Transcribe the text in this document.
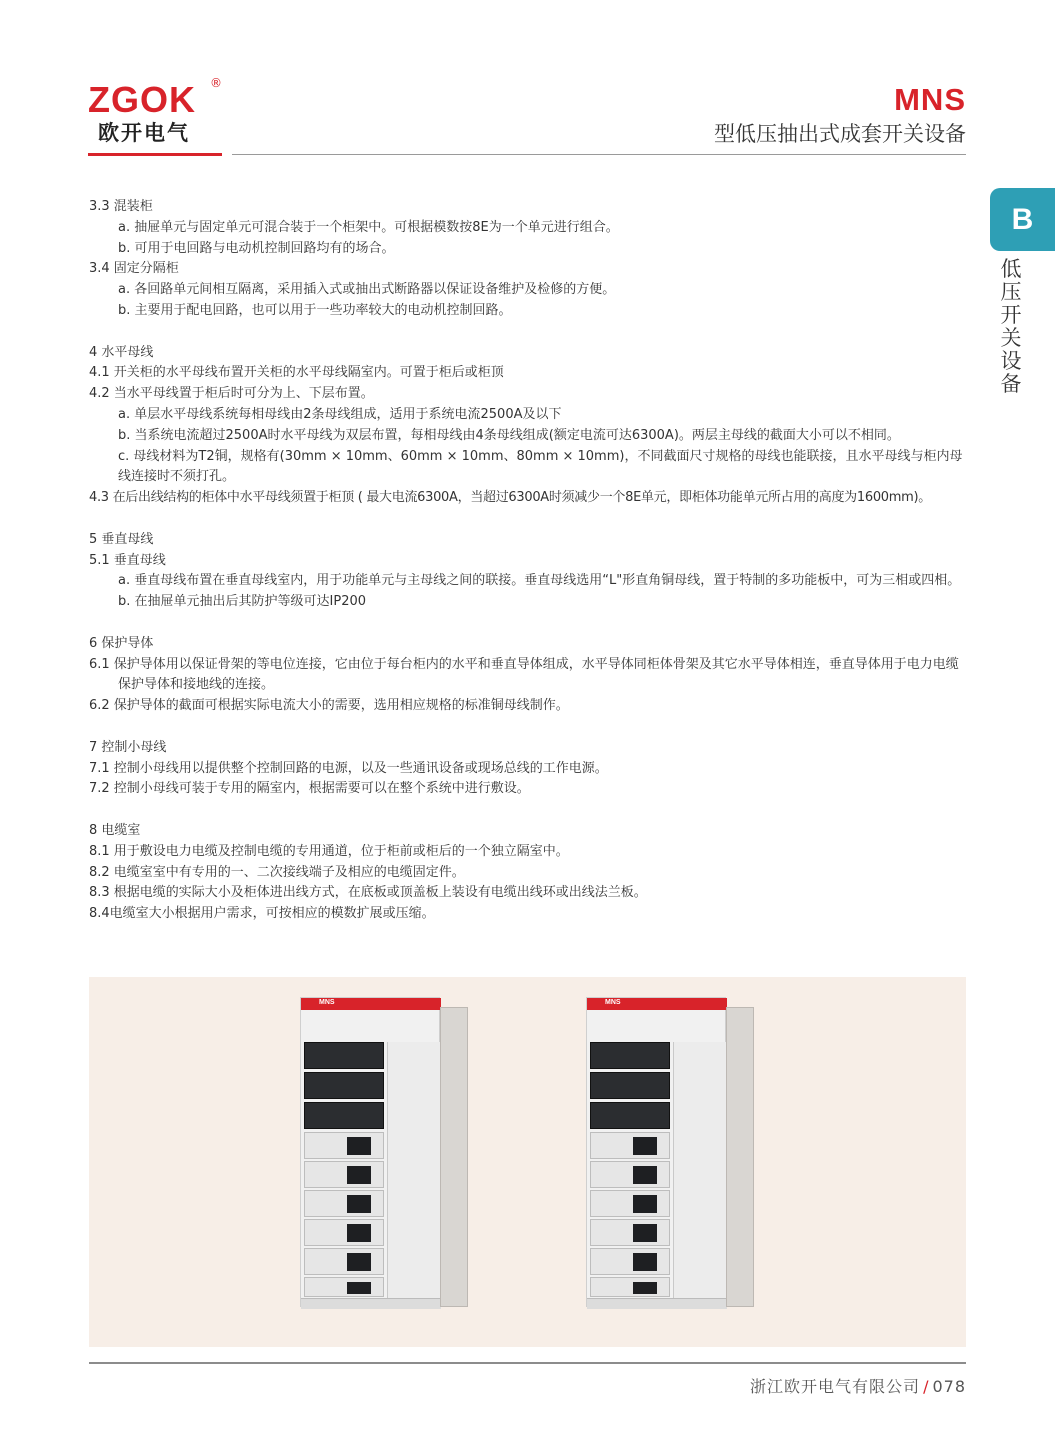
ZGOK	®
欧开电气
MNS
型低压抽出式成套开关设备
B
低压开关设备

3.3 混装柜

a. 抽屉单元与固定单元可混合装于一个柜架中。可根据模数按8E为一个单元进行组合。

b. 可用于电回路与电动机控制回路均有的场合。

3.4 固定分隔柜

a. 各回路单元间相互隔离，采用插入式或抽出式断路器以保证设备维护及检修的方便。

b. 主要用于配电回路，也可以用于一些功率较大的电动机控制回路。

4 水平母线

4.1 开关柜的水平母线布置开关柜的水平母线隔室内。可置于柜后或柜顶

4.2 当水平母线置于柜后时可分为上、下层布置。

a. 单层水平母线系统每相母线由2条母线组成，适用于系统电流2500A及以下

b. 当系统电流超过2500A时水平母线为双层布置，每相母线由4条母线组成(额定电流可达6300A)。两层主母线的截面大小可以不相同。

c. 母线材料为T2铜，规格有(30mm × 10mm、60mm × 10mm、80mm × 10mm)，不同截面尺寸规格的母线也能联接，且水平母线与柜内母线连接时不须打孔。

4.3 在后出线结构的柜体中水平母线须置于柜顶 ( 最大电流6300A，当超过6300A时须减少一个8E单元，即柜体功能单元所占用的高度为1600mm)。

5 垂直母线

5.1 垂直母线

a. 垂直母线布置在垂直母线室内，用于功能单元与主母线之间的联接。垂直母线选用“L"形直角铜母线，置于特制的多功能板中，可为三相或四相。

b. 在抽屉单元抽出后其防护等级可达IP200

6 保护导体

6.1 保护导体用以保证骨架的等电位连接，它由位于每台柜内的水平和垂直导体组成，水平导体同柜体骨架及其它水平导体相连，垂直导体用于电力电缆保护导体和接地线的连接。

6.2 保护导体的截面可根据实际电流大小的需要，选用相应规格的标准铜母线制作。

7 控制小母线

7.1 控制小母线用以提供整个控制回路的电源，以及一些通讯设备或现场总线的工作电源。

7.2 控制小母线可装于专用的隔室内，根据需要可以在整个系统中进行敷设。

8 电缆室

8.1 用于敷设电力电缆及控制电缆的专用通道，位于柜前或柜后的一个独立隔室中。

8.2 电缆室室中有专用的一、二次接线端子及相应的电缆固定件。

8.3 根据电缆的实际大小及柜体进出线方式，在底板或顶盖板上装设有电缆出线环或出线法兰板。

8.4电缆室大小根据用户需求，可按相应的模数扩展或压缩。

MNS	MNS
浙江欧开电气有限公司 / 078
